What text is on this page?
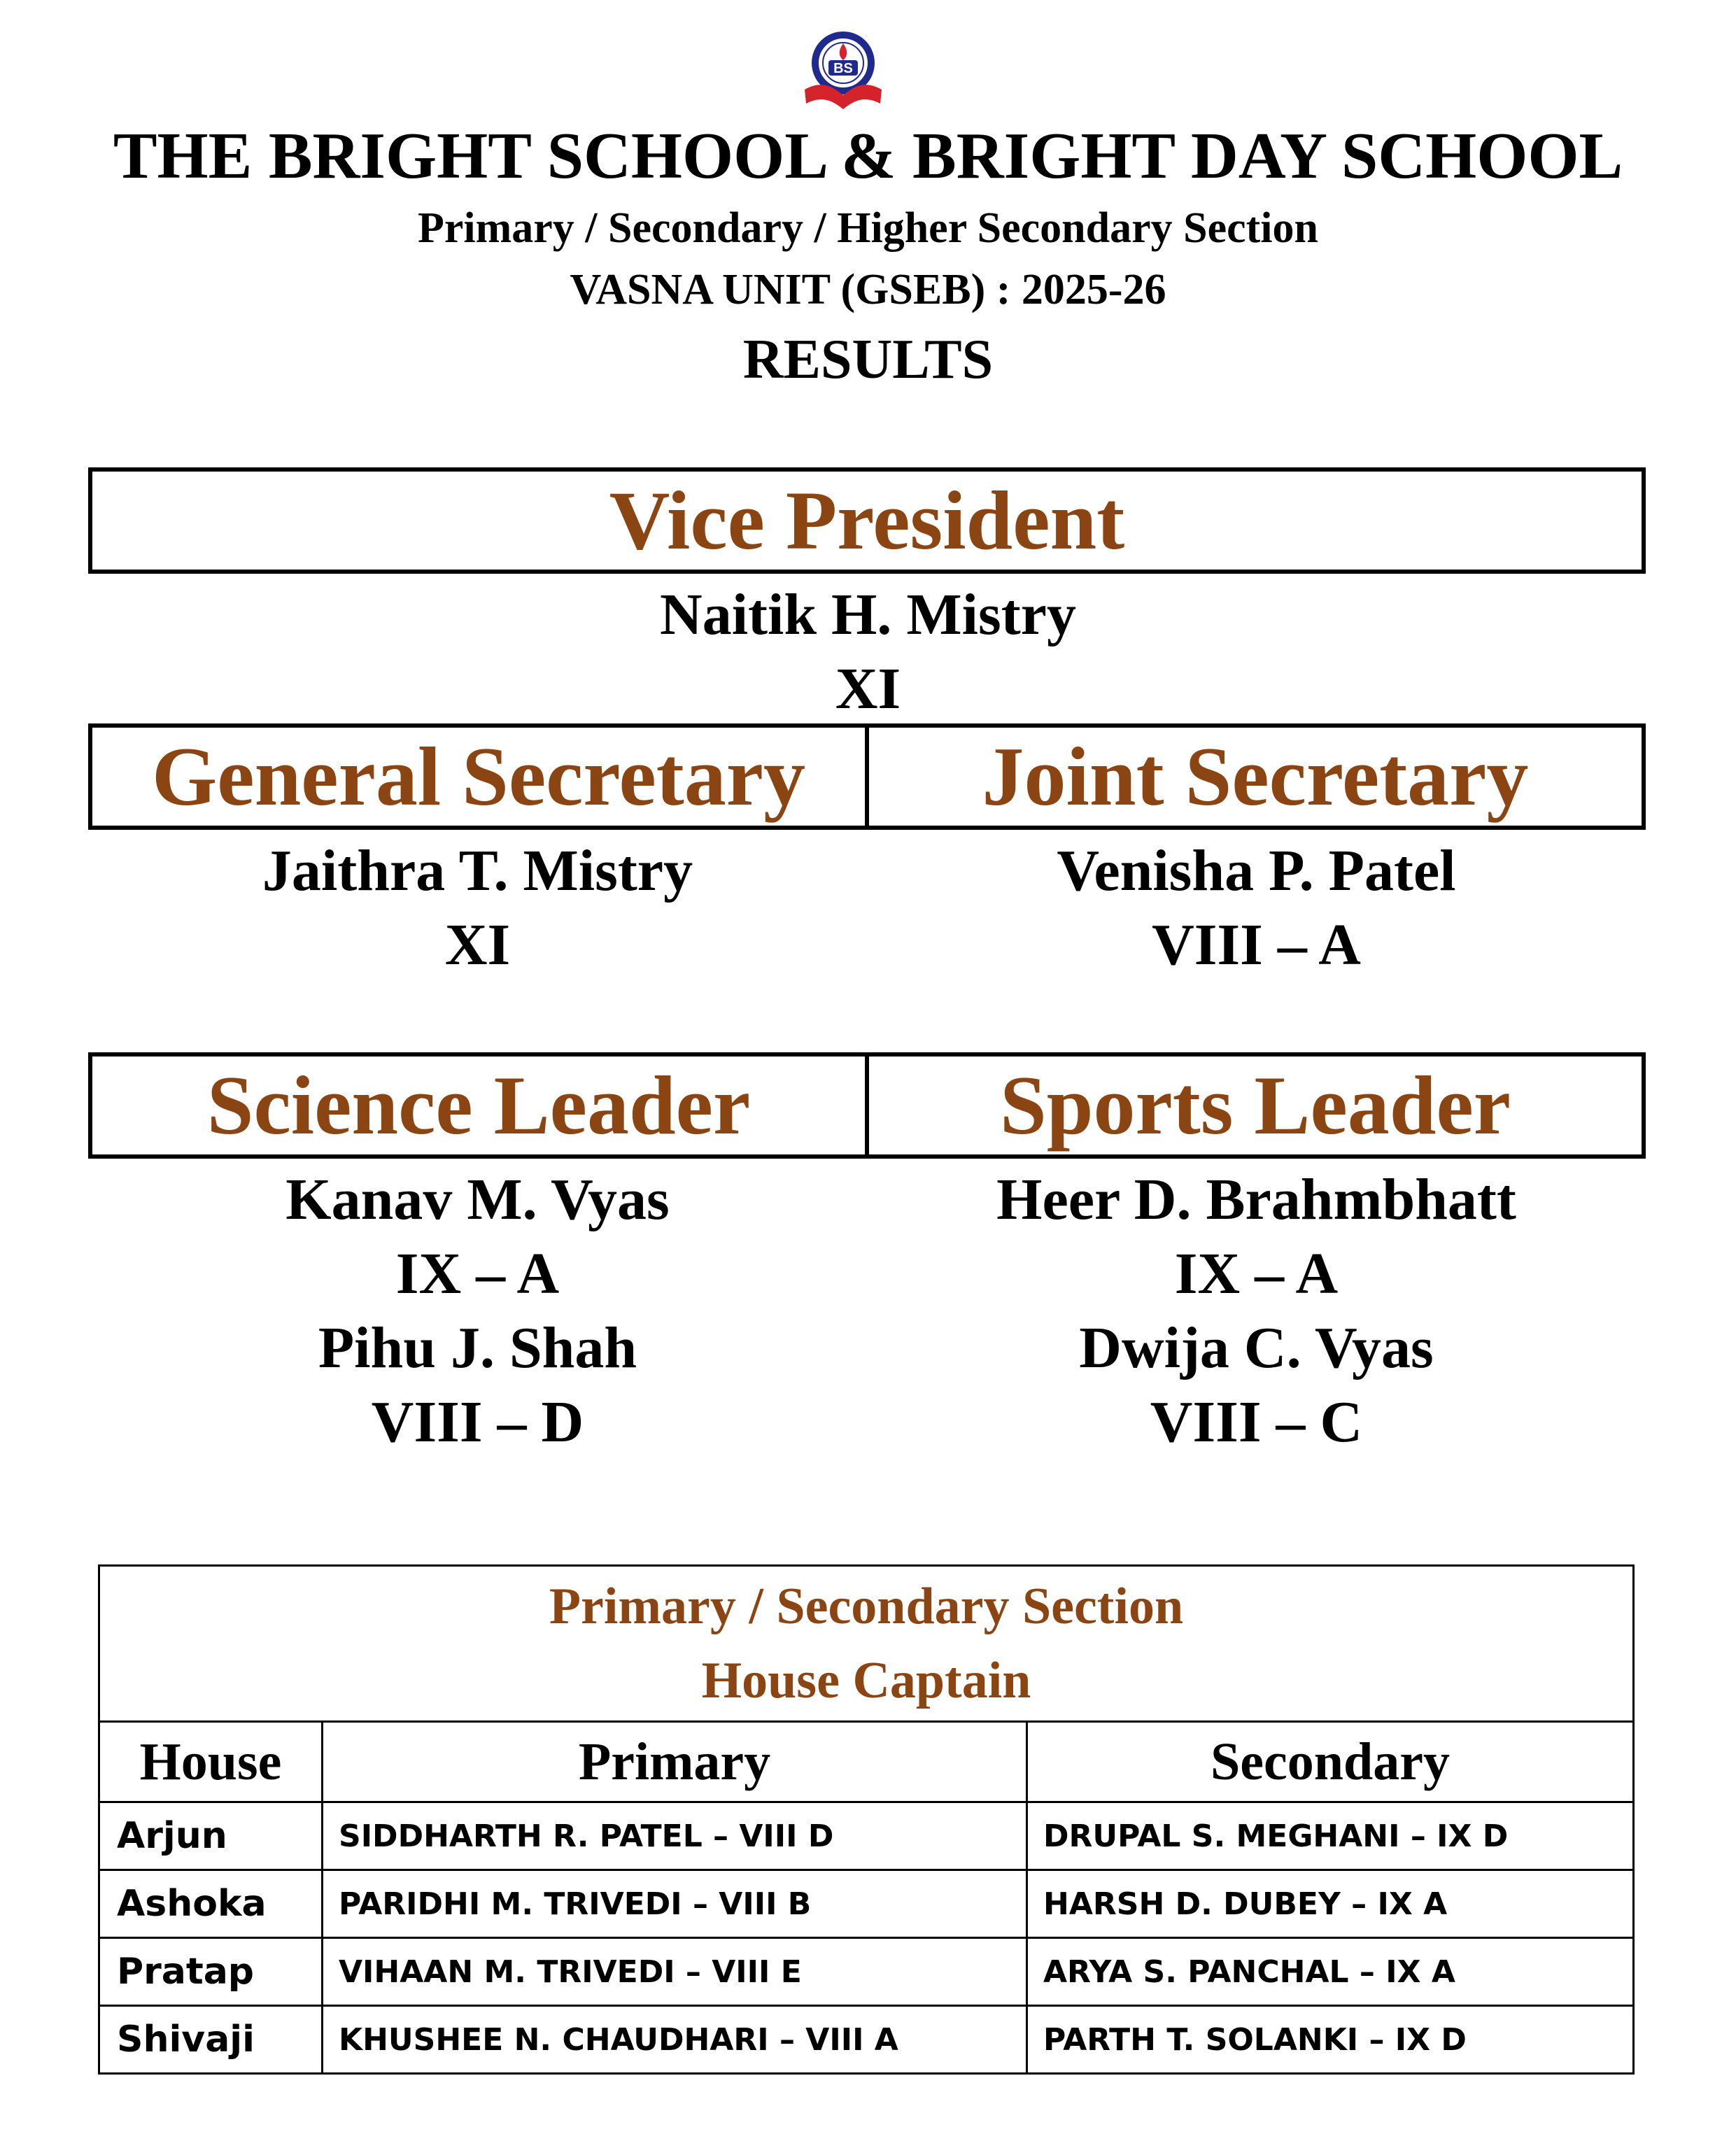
BS
THE BRIGHT SCHOOL & BRIGHT DAY SCHOOL
Primary / Secondary / Higher Secondary Section
VASNA UNIT (GSEB) : 2025-26
RESULTS
Vice President
Naitik H. Mistry
XI
General Secretary	Joint Secretary
Jaithra T. Mistry
XI
Venisha P. Patel
VIII – A
Science Leader	Sports Leader
Kanav M. Vyas
IX – A
Pihu J. Shah
VIII – D
Heer D. Brahmbhatt
IX – A
Dwija C. Vyas
VIII – C
Primary / Secondary Section
House Captain		

House	Primary	Secondary
Arjun	SIDDHARTH R. PATEL – VIII D	DRUPAL S. MEGHANI – IX D
Ashoka	PARIDHI M. TRIVEDI – VIII B	HARSH D. DUBEY – IX A
Pratap	VIHAAN M. TRIVEDI – VIII E	ARYA S. PANCHAL – IX A
Shivaji	KHUSHEE N. CHAUDHARI – VIII A	PARTH T. SOLANKI – IX D
